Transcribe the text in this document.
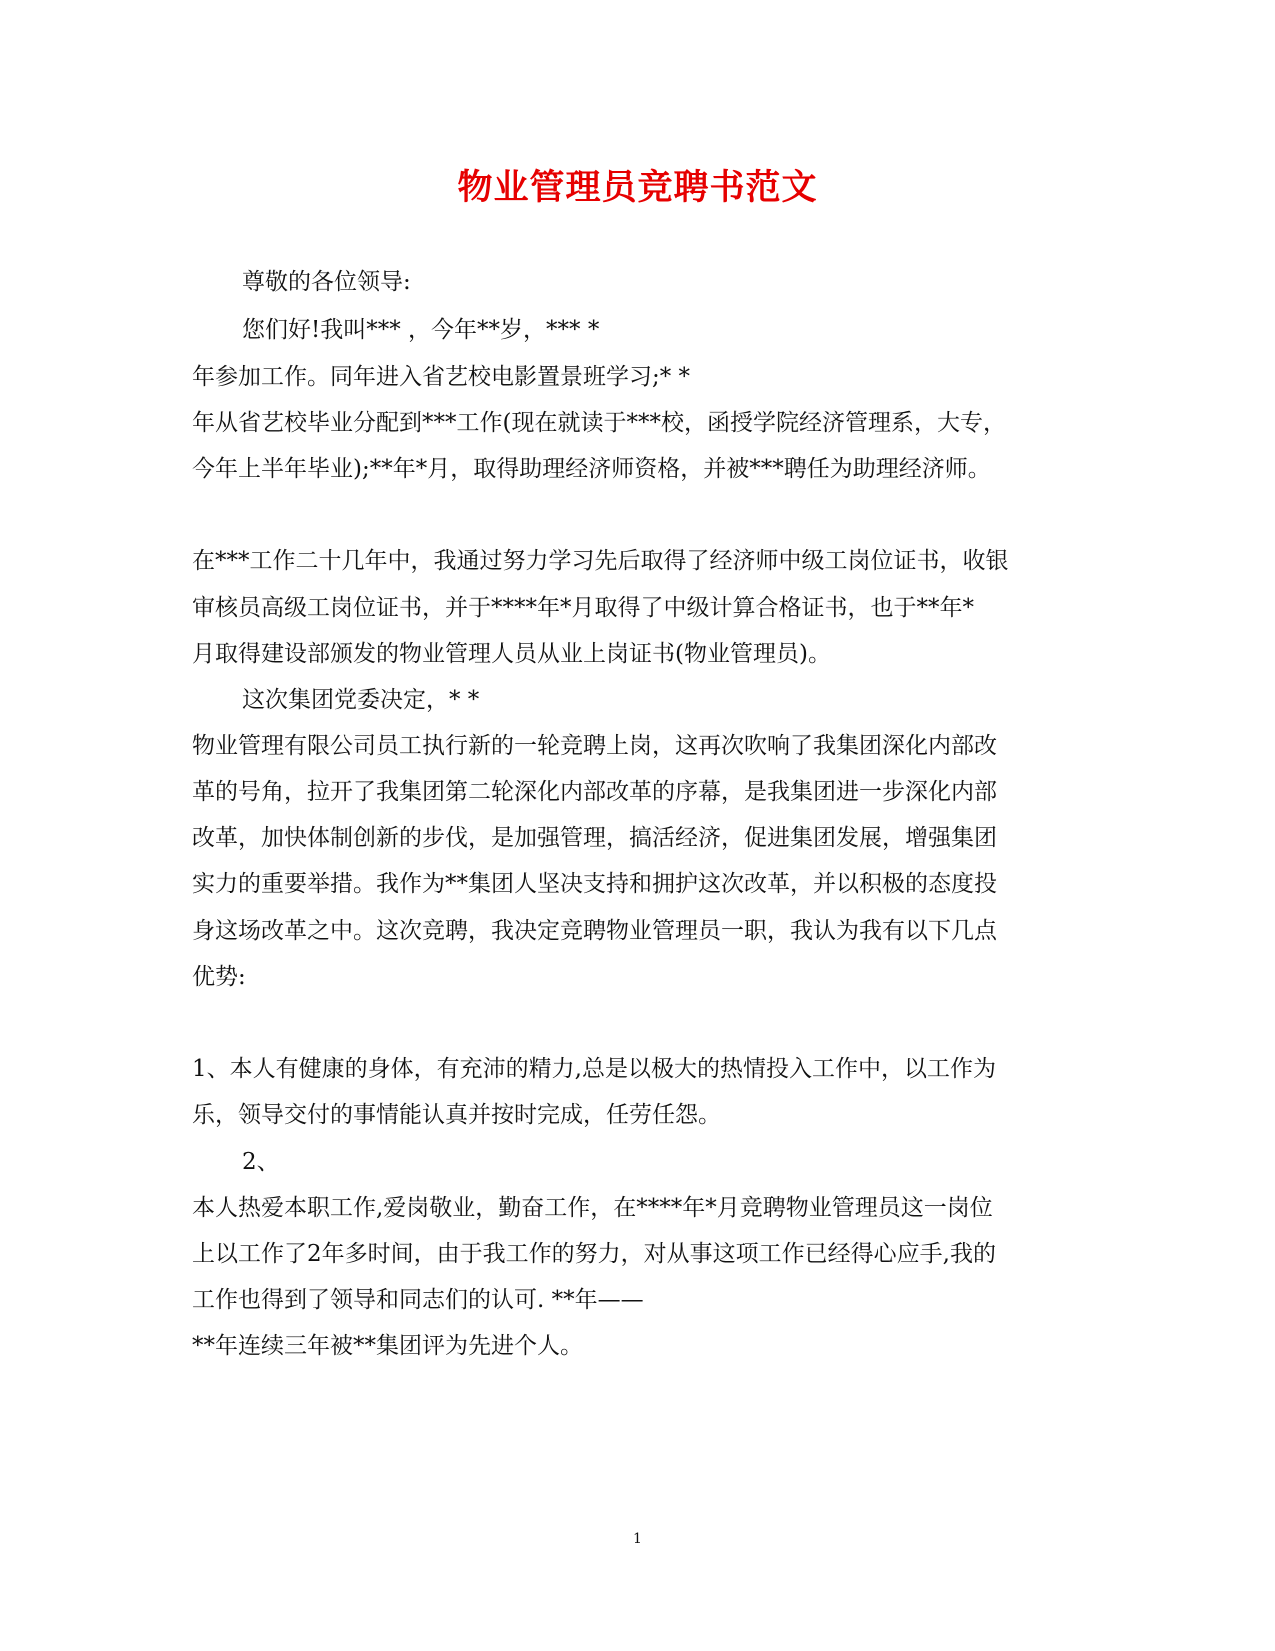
物业管理员竞聘书范文
尊敬的各位领导:
您们好!我叫*** ，今年**岁，*** *
年参加工作。同年进入省艺校电影置景班学习;* *
年从省艺校毕业分配到***工作(现在就读于***校，函授学院经济管理系，大专，
今年上半年毕业);**年*月，取得助理经济师资格，并被***聘任为助理经济师。
在***工作二十几年中，我通过努力学习先后取得了经济师中级工岗位证书，收银
审核员高级工岗位证书，并于****年*月取得了中级计算合格证书，也于**年*
月取得建设部颁发的物业管理人员从业上岗证书(物业管理员)。
这次集团党委决定，* *
物业管理有限公司员工执行新的一轮竞聘上岗，这再次吹响了我集团深化内部改
革的号角，拉开了我集团第二轮深化内部改革的序幕，是我集团进一步深化内部
改革，加快体制创新的步伐，是加强管理，搞活经济，促进集团发展，增强集团
实力的重要举措。我作为**集团人坚决支持和拥护这次改革，并以积极的态度投
身这场改革之中。这次竞聘，我决定竞聘物业管理员一职，我认为我有以下几点
优势:
1、本人有健康的身体，有充沛的精力,总是以极大的热情投入工作中，以工作为
乐，领导交付的事情能认真并按时完成，任劳任怨。
2、
本人热爱本职工作,爱岗敬业，勤奋工作，在****年*月竞聘物业管理员这一岗位
上以工作了2年多时间，由于我工作的努力，对从事这项工作已经得心应手,我的
工作也得到了领导和同志们的认可. **年——
**年连续三年被**集团评为先进个人。
1
